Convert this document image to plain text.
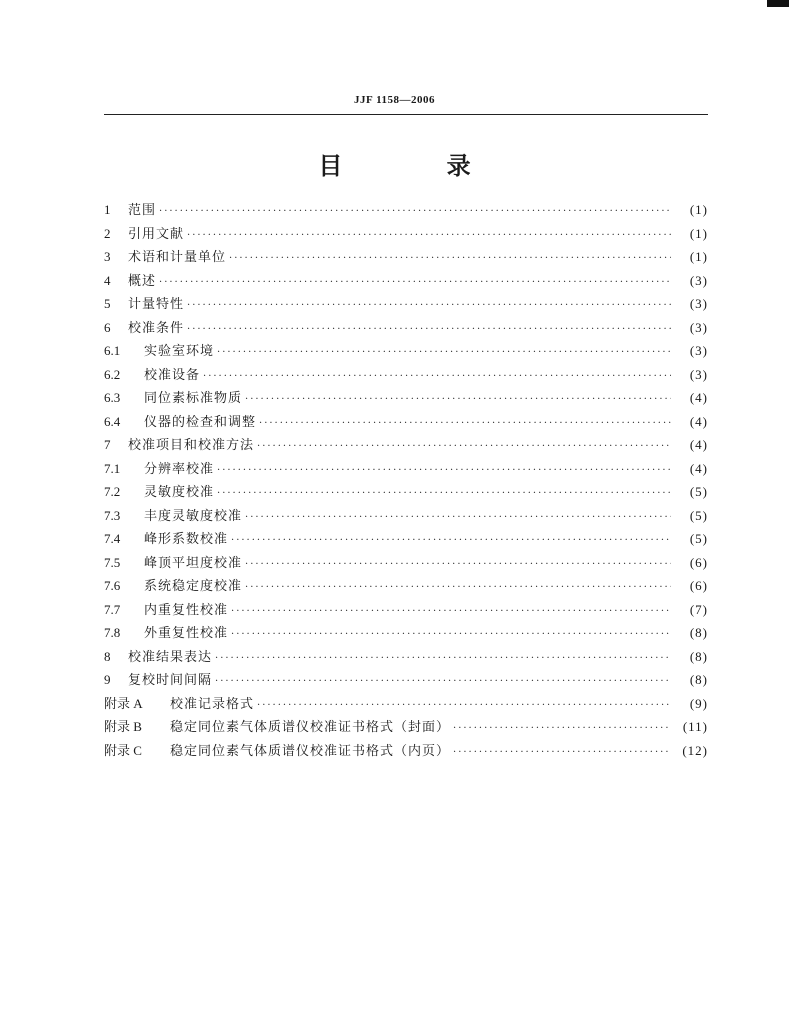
JJF 1158—2006
目 录
1	范围 ·····	(1)
2	引用文献 ·····	(1)
3	术语和计量单位 ·····	(1)
4	概述 ·····	(3)
5	计量特性 ·····	(3)
6	校准条件 ·····	(3)
6.1	实验室环境 ·····	(3)
6.2	校准设备 ·····	(3)
6.3	同位素标准物质 ·····	(4)
6.4	仪器的检查和调整 ·····	(4)
7	校准项目和校准方法 ·····	(4)
7.1	分辨率校准 ·····	(4)
7.2	灵敏度校准 ·····	(5)
7.3	丰度灵敏度校准 ·····	(5)
7.4	峰形系数校准 ·····	(5)
7.5	峰顶平坦度校准 ·····	(6)
7.6	系统稳定度校准 ·····	(6)
7.7	内重复性校准 ·····	(7)
7.8	外重复性校准 ·····	(8)
8	校准结果表达 ·····	(8)
9	复校时间间隔 ·····	(8)
附录 A	校准记录格式 ·····	(9)
附录 B	稳定同位素气体质谱仪校准证书格式（封面） ·····	(11)
附录 C	稳定同位素气体质谱仪校准证书格式（内页） ·····	(12)
